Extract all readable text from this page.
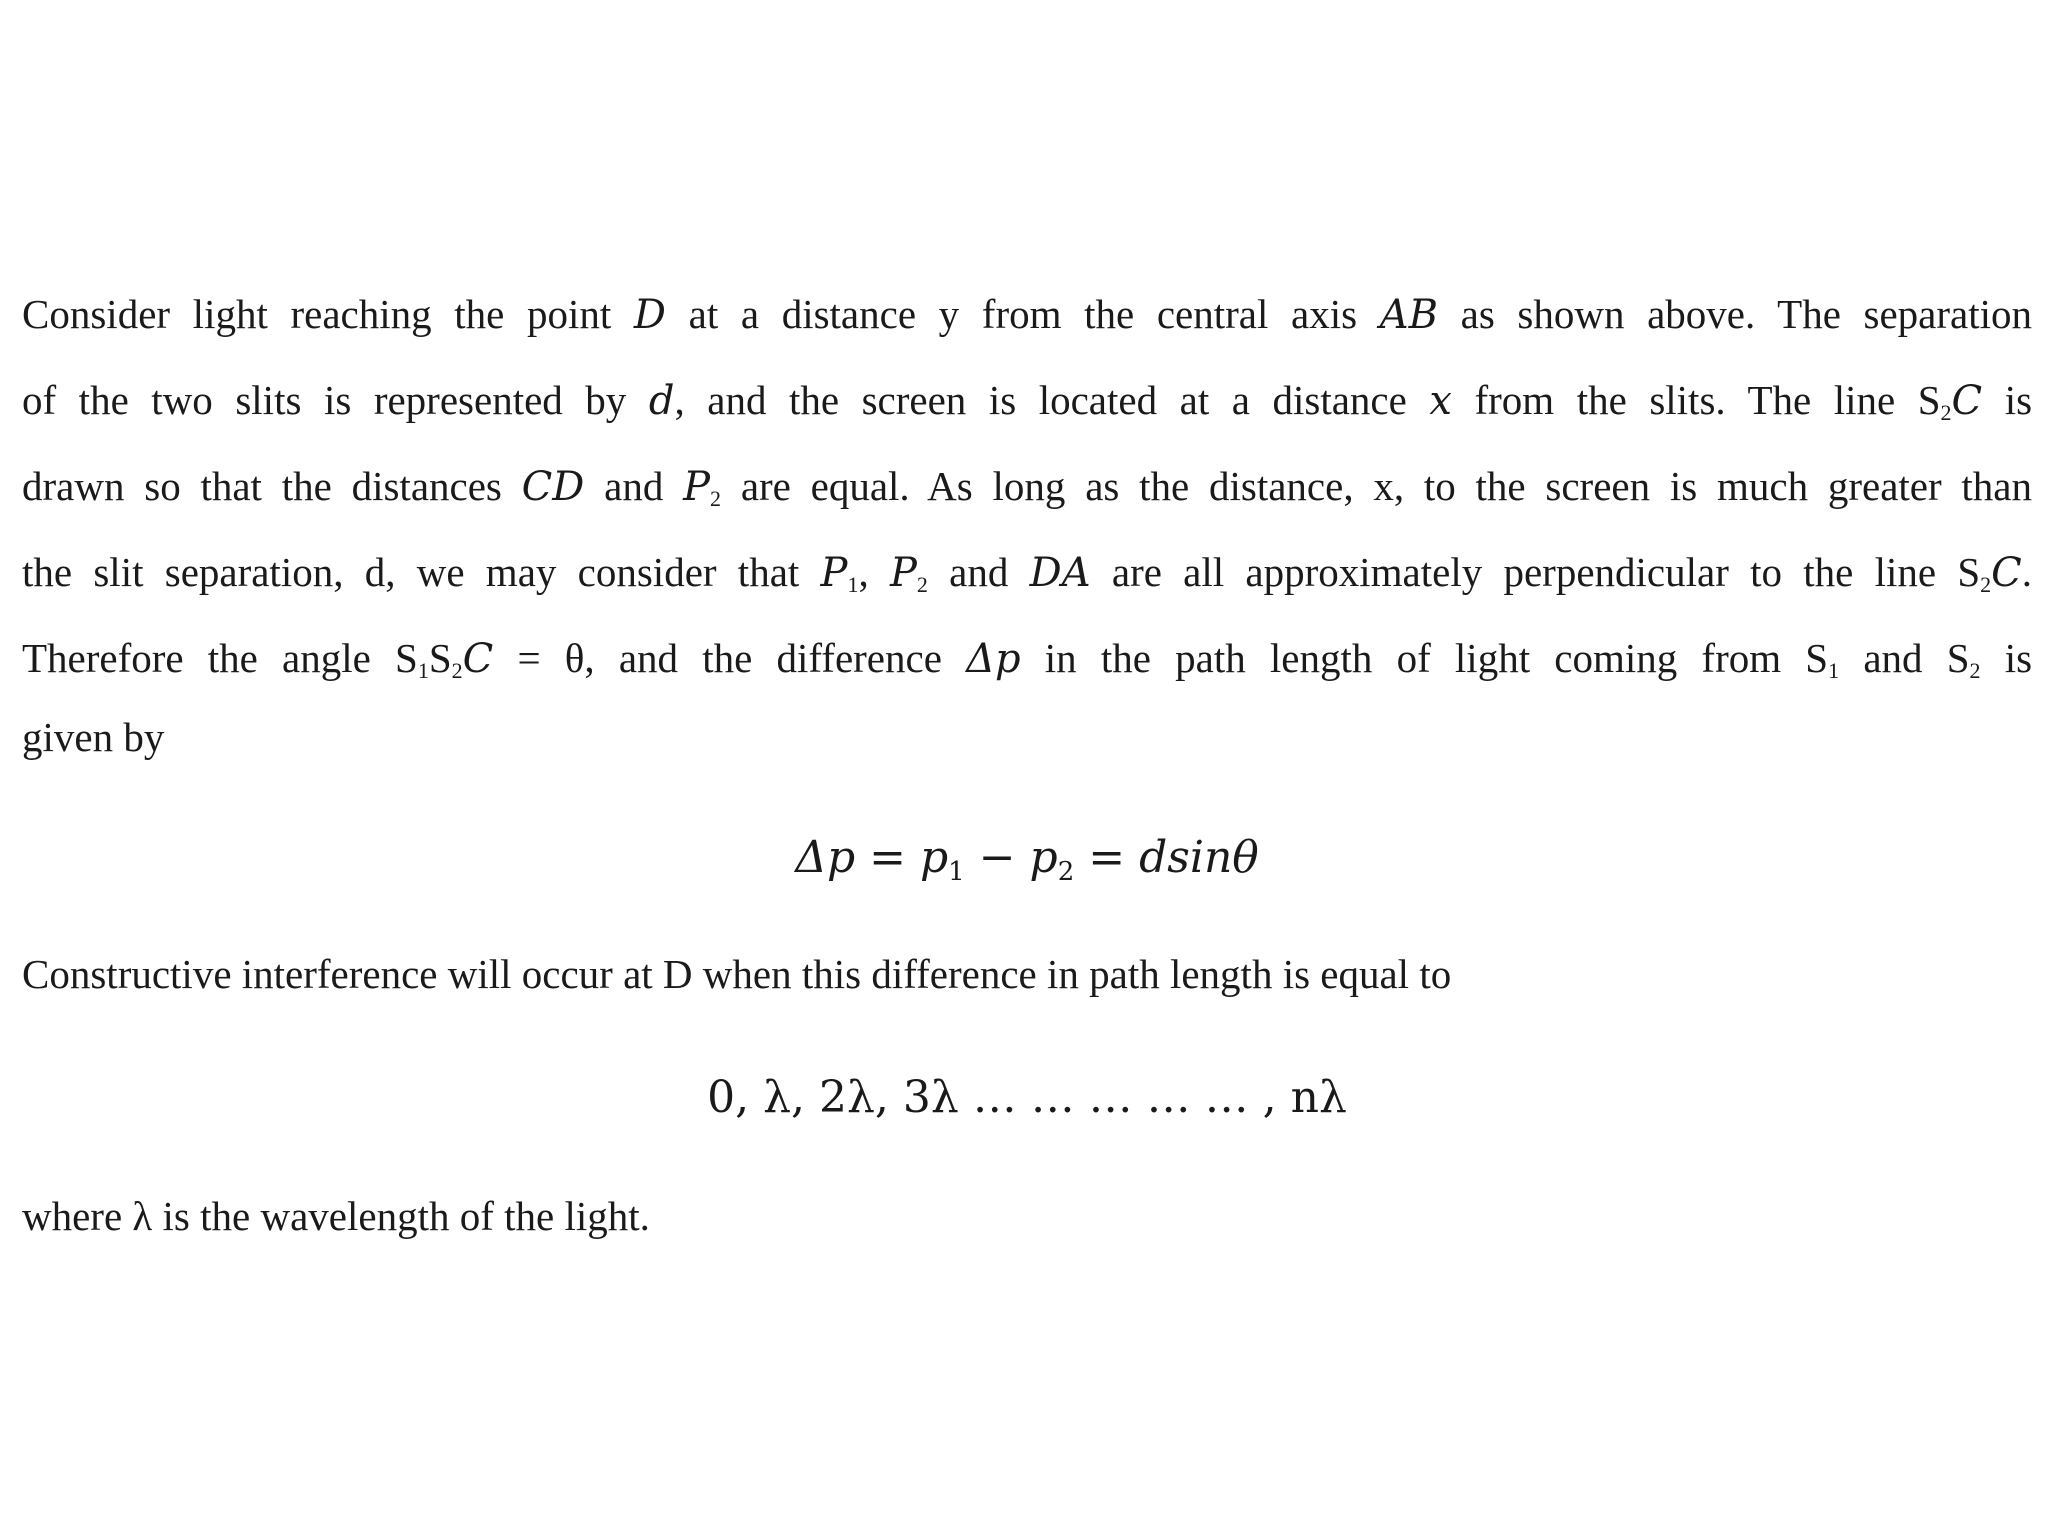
Consider light reaching the point D at a distance y from the central axis AB as shown above. The separation
of the two slits is represented by d, and the screen is located at a distance x from the slits. The line $S_2C$ is
drawn so that the distances CD and $P_2$ are equal. As long as the distance, x, to the screen is much greater than
the slit separation, d, we may consider that $P_1$, $P_2$ and DA are all approximately perpendicular to the line $S_2C$.
Therefore the angle $S_1S_2C = \theta$, and the difference Δp in the path length of light coming from $S_1$ and $S_2$ is
given by
$\Delta p = p_1 - p_2 = dsin\theta$
Constructive interference will occur at D when this difference in path length is equal to
0, λ, 2λ, 3λ … … … … … , nλ
where λ is the wavelength of the light.
